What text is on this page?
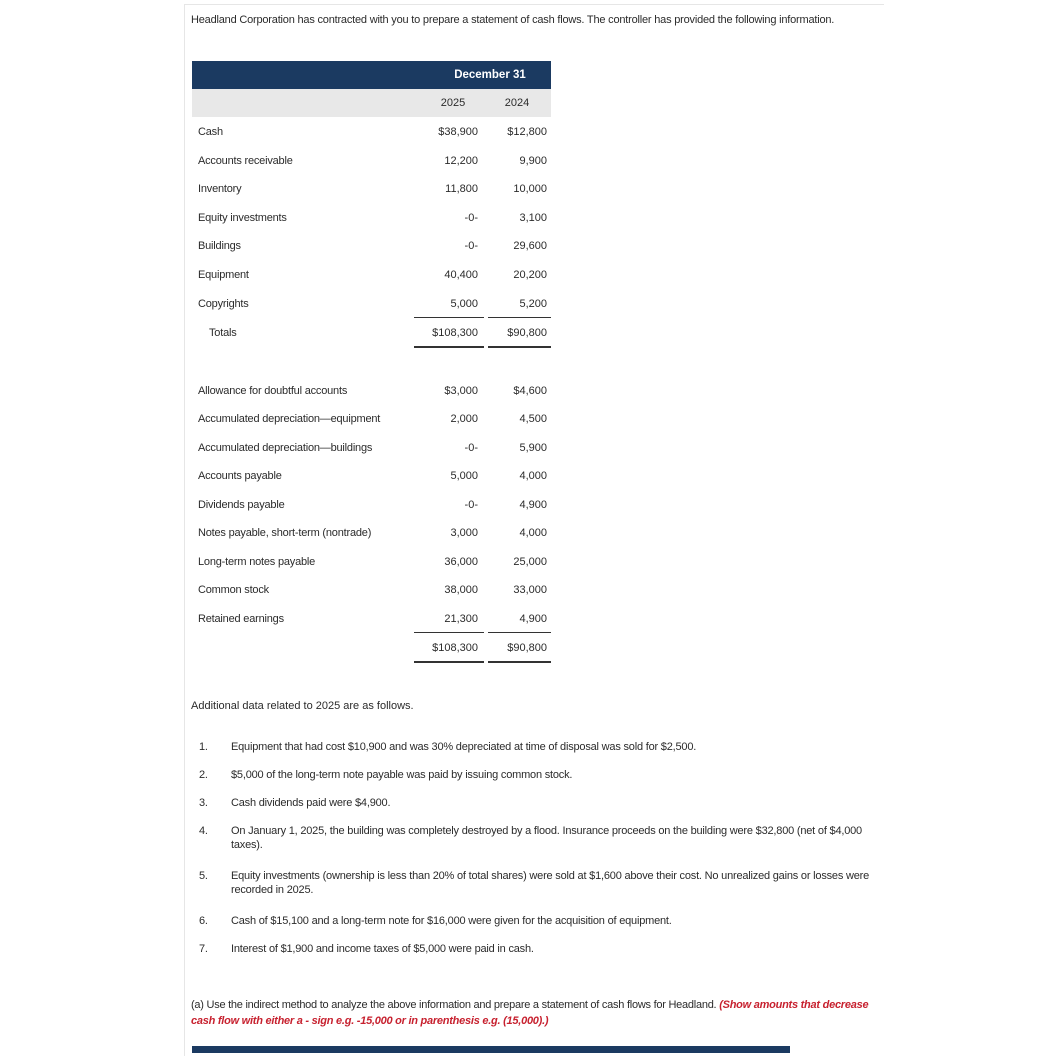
Headland Corporation has contracted with you to prepare a statement of cash flows. The controller has provided the following information.
December 31
2025	2024
Cash	$38,900	$12,800
Accounts receivable	12,200	9,900
Inventory	11,800	10,000
Equity investments	-0-	3,100
Buildings	-0-	29,600
Equipment	40,400	20,200
Copyrights	5,000	5,200
Totals	$108,300	$90,800
Allowance for doubtful accounts	$3,000	$4,600
Accumulated depreciation—equipment	2,000	4,500
Accumulated depreciation—buildings	-0-	5,900
Accounts payable	5,000	4,000
Dividends payable	-0-	4,900
Notes payable, short-term (nontrade)	3,000	4,000
Long-term notes payable	36,000	25,000
Common stock	38,000	33,000
Retained earnings	21,300	4,900
$108,300	$90,800
Additional data related to 2025 are as follows.
1. Equipment that had cost $10,900 and was 30% depreciated at time of disposal was sold for $2,500.
2. $5,000 of the long-term note payable was paid by issuing common stock.
3. Cash dividends paid were $4,900.
4. On January 1, 2025, the building was completely destroyed by a flood. Insurance proceeds on the building were $32,800 (net of $4,000 taxes).
5. Equity investments (ownership is less than 20% of total shares) were sold at $1,600 above their cost. No unrealized gains or losses were recorded in 2025.
6. Cash of $15,100 and a long-term note for $16,000 were given for the acquisition of equipment.
7. Interest of $1,900 and income taxes of $5,000 were paid in cash.
(a) Use the indirect method to analyze the above information and prepare a statement of cash flows for Headland. (Show amounts that decrease cash flow with either a - sign e.g. -15,000 or in parenthesis e.g. (15,000).)
